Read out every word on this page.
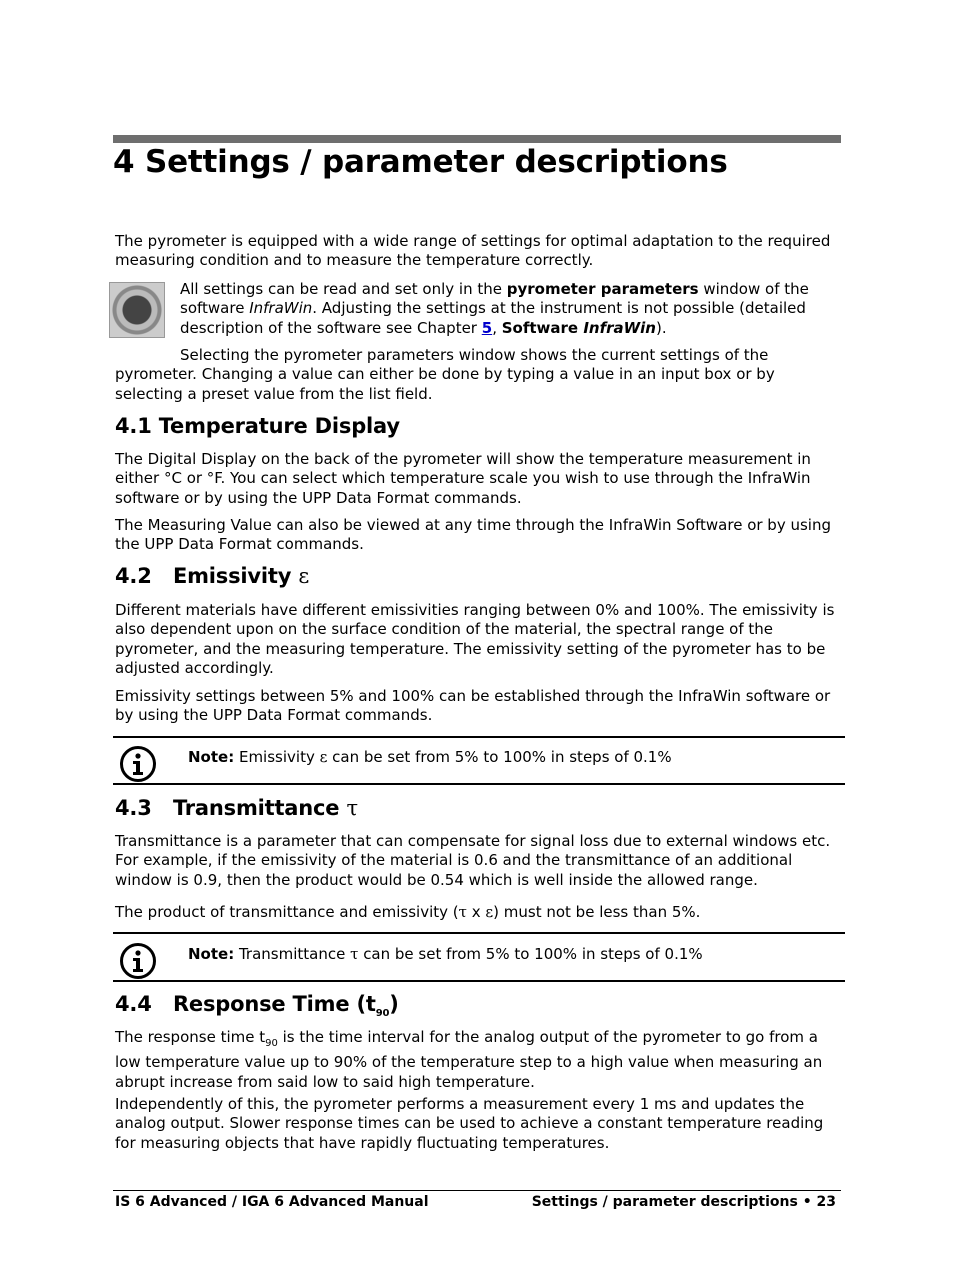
4 Settings / parameter descriptions

The pyrometer is equipped with a wide range of settings for optimal adaptation to the required measuring condition and to measure the temperature correctly.

All settings can be read and set only in the pyrometer parameters window of the software InfraWin. Adjusting the settings at the instrument is not possible (detailed description of the software see Chapter 5, Software InfraWin).

Selecting the pyrometer parameters window shows the current settings of the pyrometer. Changing a value can either be done by typing a value in an input box or by selecting a preset value from the list field.

4.1 Temperature Display

The Digital Display on the back of the pyrometer will show the temperature measurement in either °C or °F. You can select which temperature scale you wish to use through the InfraWin software or by using the UPP Data Format commands.

The Measuring Value can also be viewed at any time through the InfraWin Software or by using the UPP Data Format commands.

4.2 Emissivity ε

Different materials have different emissivities ranging between 0% and 100%. The emissivity is also dependent upon on the surface condition of the material, the spectral range of the pyrometer, and the measuring temperature. The emissivity setting of the pyrometer has to be adjusted accordingly.

Emissivity settings between 5% and 100% can be established through the InfraWin software or by using the UPP Data Format commands.

Note: Emissivity ε can be set from 5% to 100% in steps of 0.1%
4.3 Transmittance τ

Transmittance is a parameter that can compensate for signal loss due to external windows etc. For example, if the emissivity of the material is 0.6 and the transmittance of an additional window is 0.9, then the product would be 0.54 which is well inside the allowed range.

The product of transmittance and emissivity (τ x ε) must not be less than 5%.

Note: Transmittance τ can be set from 5% to 100% in steps of 0.1%
4.4 Response Time $(t_{90})$

The response time $t_{90}$ is the time interval for the analog output of the pyrometer to go from a low temperature value up to 90% of the temperature step to a high value when measuring an abrupt increase from said low to said high temperature.

Independently of this, the pyrometer performs a measurement every 1 ms and updates the analog output. Slower response times can be used to achieve a constant temperature reading for measuring objects that have rapidly fluctuating temperatures.

IS 6 Advanced / IGA 6 Advanced Manual	Settings / parameter descriptions • 23
